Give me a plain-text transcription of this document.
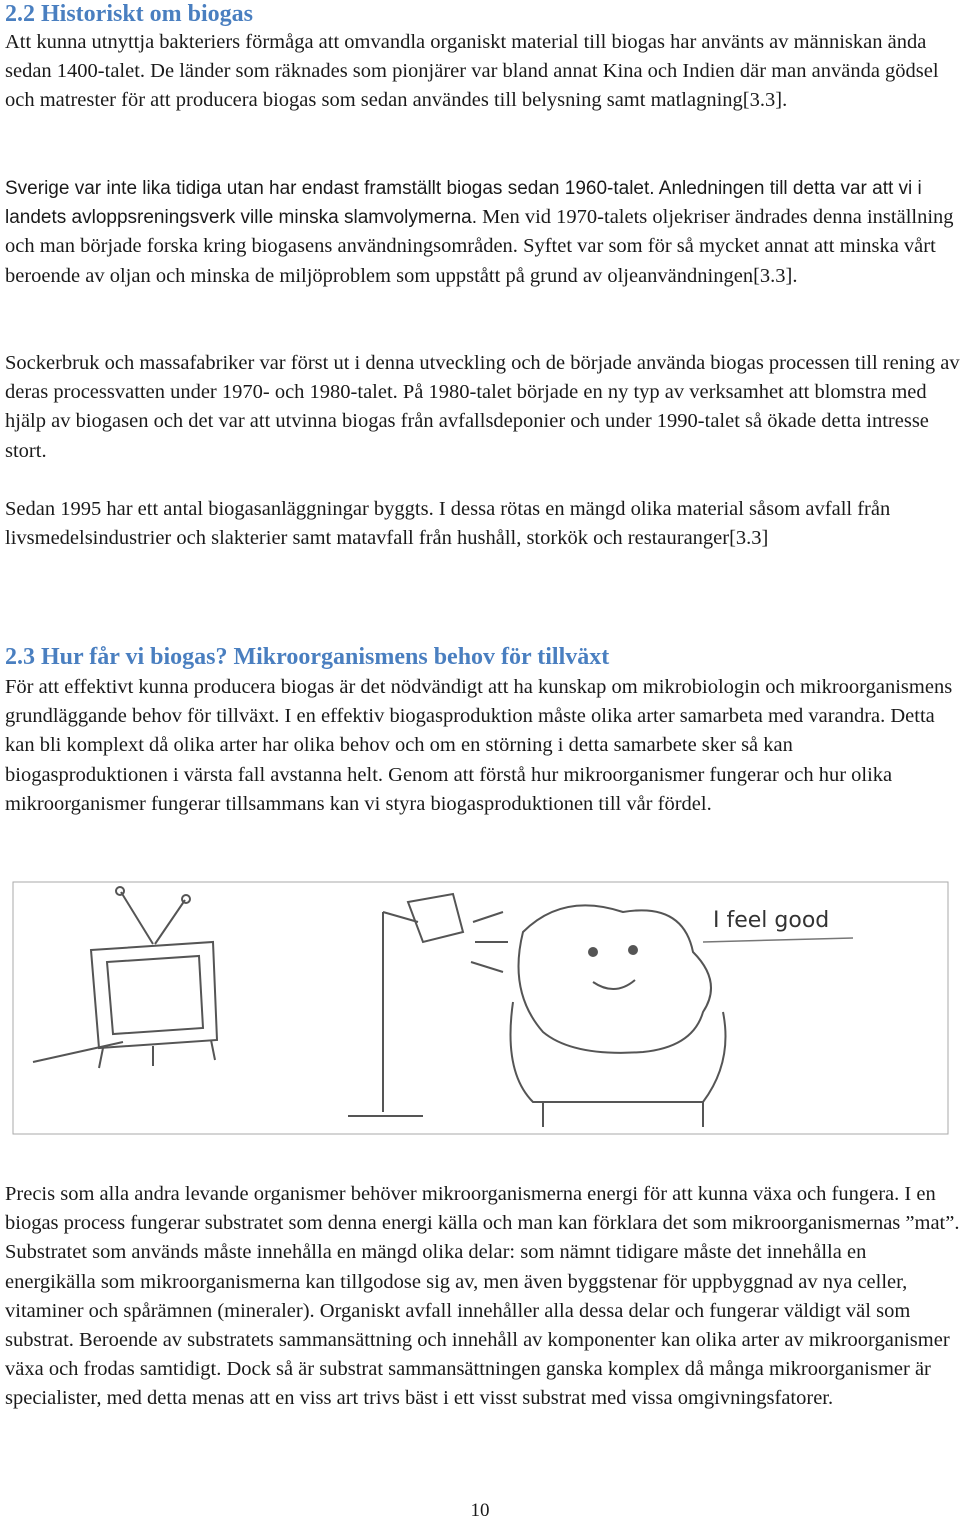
2.2 Historiskt om biogas

Att kunna utnyttja bakteriers förmåga att omvandla organiskt material till biogas har använts av människan ända sedan 1400-talet. De länder som räknades som pionjärer var bland annat Kina och Indien där man använda gödsel och matrester för att producera biogas som sedan användes till belysning samt matlagning[3.3].

Sverige var inte lika tidiga utan har endast framställt biogas sedan 1960-talet. Anledningen till detta var att vi i landets avloppsreningsverk ville minska slamvolymerna. Men vid 1970-talets oljekriser ändrades denna inställning och man började forska kring biogasens användningsområden. Syftet var som för så mycket annat att minska vårt beroende av oljan och minska de miljöproblem som uppstått på grund av oljeanvändningen[3.3].

Sockerbruk och massafabriker var först ut i denna utveckling och de började använda biogas processen till rening av deras processvatten under 1970- och 1980-talet. På 1980-talet började en ny typ av verksamhet att blomstra med hjälp av biogasen och det var att utvinna biogas från avfallsdeponier och under 1990-talet så ökade detta intresse stort.

Sedan 1995 har ett antal biogasanläggningar byggts. I dessa rötas en mängd olika material såsom avfall från livsmedelsindustrier och slakterier samt matavfall från hushåll, storkök och restauranger[3.3]

2.3 Hur får vi biogas? Mikroorganismens behov för tillväxt

För att effektivt kunna producera biogas är det nödvändigt att ha kunskap om mikrobiologin och mikroorganismens grundläggande behov för tillväxt. I en effektiv biogasproduktion måste olika arter samarbeta med varandra. Detta kan bli komplext då olika arter har olika behov och om en störning i detta samarbete sker så kan biogasproduktionen i värsta fall avstanna helt. Genom att förstå hur mikroorganismer fungerar och hur olika mikroorganismer fungerar tillsammans kan vi styra biogasproduktionen till vår fördel.

I feel good

Precis som alla andra levande organismer behöver mikroorganismerna energi för att kunna växa och fungera. I en biogas process fungerar substratet som denna energi källa och man kan förklara det som mikroorganismernas ”mat”. Substratet som används måste innehålla en mängd olika delar: som nämnt tidigare måste det innehålla en energikälla som mikroorganismerna kan tillgodose sig av, men även byggstenar för uppbyggnad av nya celler, vitaminer och spårämnen (mineraler). Organiskt avfall innehåller alla dessa delar och fungerar väldigt väl som substrat. Beroende av substratets sammansättning och innehåll av komponenter kan olika arter av mikroorganismer växa och frodas samtidigt. Dock så är substrat sammansättningen ganska komplex då många mikroorganismer är specialister, med detta menas att en viss art trivs bäst i ett visst substrat med vissa omgivningsfatorer.

10
